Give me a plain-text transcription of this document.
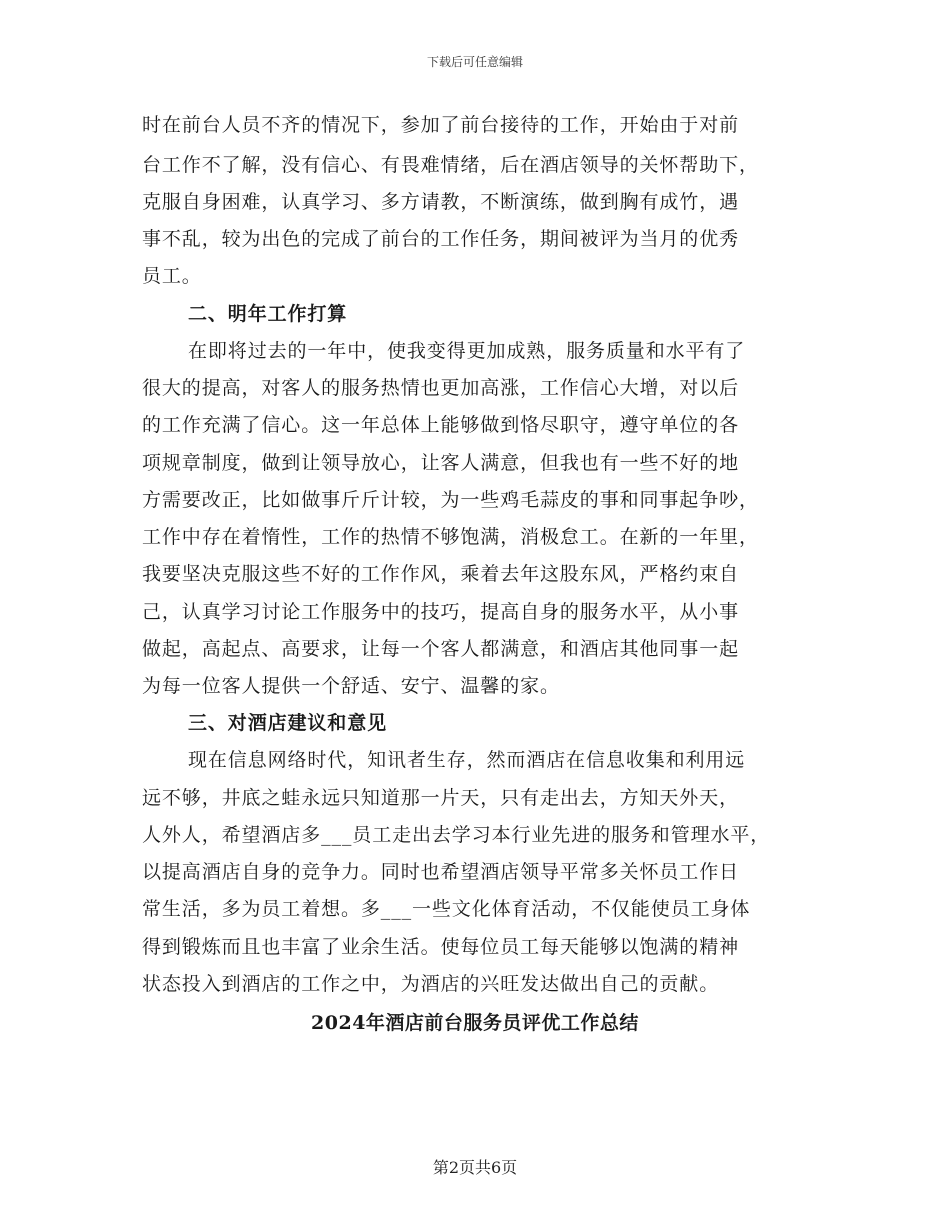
下载后可任意编辑
时在前台人员不齐的情况下，参加了前台接待的工作，开始由于对前
台工作不了解，没有信心、有畏难情绪，后在酒店领导的关怀帮助下，
克服自身困难，认真学习、多方请教，不断演练，做到胸有成竹，遇
事不乱，较为出色的完成了前台的工作任务，期间被评为当月的优秀
员工。
二、明年工作打算
在即将过去的一年中，使我变得更加成熟，服务质量和水平有了
很大的提高，对客人的服务热情也更加高涨，工作信心大增，对以后
的工作充满了信心。这一年总体上能够做到恪尽职守，遵守单位的各
项规章制度，做到让领导放心，让客人满意，但我也有一些不好的地
方需要改正，比如做事斤斤计较，为一些鸡毛蒜皮的事和同事起争吵，
工作中存在着惰性，工作的热情不够饱满，消极怠工。在新的一年里，
我要坚决克服这些不好的工作作风，乘着去年这股东风，严格约束自
己，认真学习讨论工作服务中的技巧，提高自身的服务水平，从小事
做起，高起点、高要求，让每一个客人都满意，和酒店其他同事一起
为每一位客人提供一个舒适、安宁、温馨的家。
三、对酒店建议和意见
现在信息网络时代，知讯者生存，然而酒店在信息收集和利用远
远不够，井底之蛙永远只知道那一片天，只有走出去，方知天外天，
人外人，希望酒店多___员工走出去学习本行业先进的服务和管理水平，
以提高酒店自身的竞争力。同时也希望酒店领导平常多关怀员工作日
常生活，多为员工着想。多___一些文化体育活动，不仅能使员工身体
得到锻炼而且也丰富了业余生活。使每位员工每天能够以饱满的精神
状态投入到酒店的工作之中，为酒店的兴旺发达做出自己的贡献。
2024年酒店前台服务员评优工作总结
第2页共6页
